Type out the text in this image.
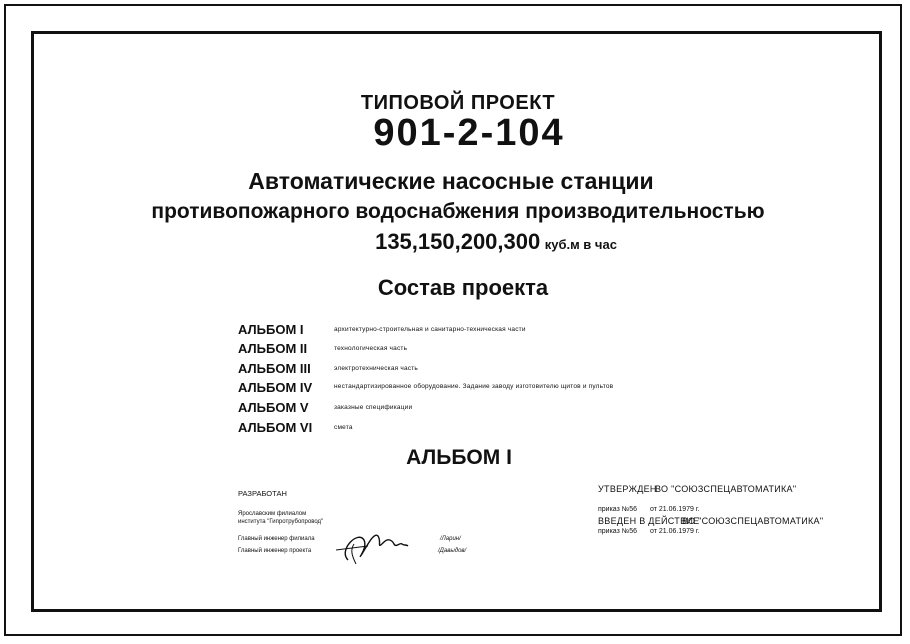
ТИПОВОЙ ПРОЕКТ
901-2-104
Автоматические насосные станции
противопожарного водоснабжения производительностью
135,150,200,300 куб.м в час
Состав проекта
АЛЬБОМ I	архитектурно-строительная и санитарно-техническая части
АЛЬБОМ II	технологическая часть
АЛЬБОМ III	электротехническая часть
АЛЬБОМ IV	нестандартизированное оборудование. Задание заводу изготовителю щитов и пультов
АЛЬБОМ V	заказные спецификации
АЛЬБОМ VI	смета
АЛЬБОМ I
РАЗРАБОТАН
Ярославским филиалом
института "Гипротрубопровод"
Главный инженер филиала
Главный инженер проекта
/Ларин/
/Давыдов/
УТВЕРЖДЕН
ВО "СОЮЗСПЕЦАВТОМАТИКА"
приказ №56 от 21.06.1979 г.
ВВЕДЕН В ДЕЙСТВИЕ
ВО "СОЮЗСПЕЦАВТОМАТИКА"
приказ №56 от 21.06.1979 г.
